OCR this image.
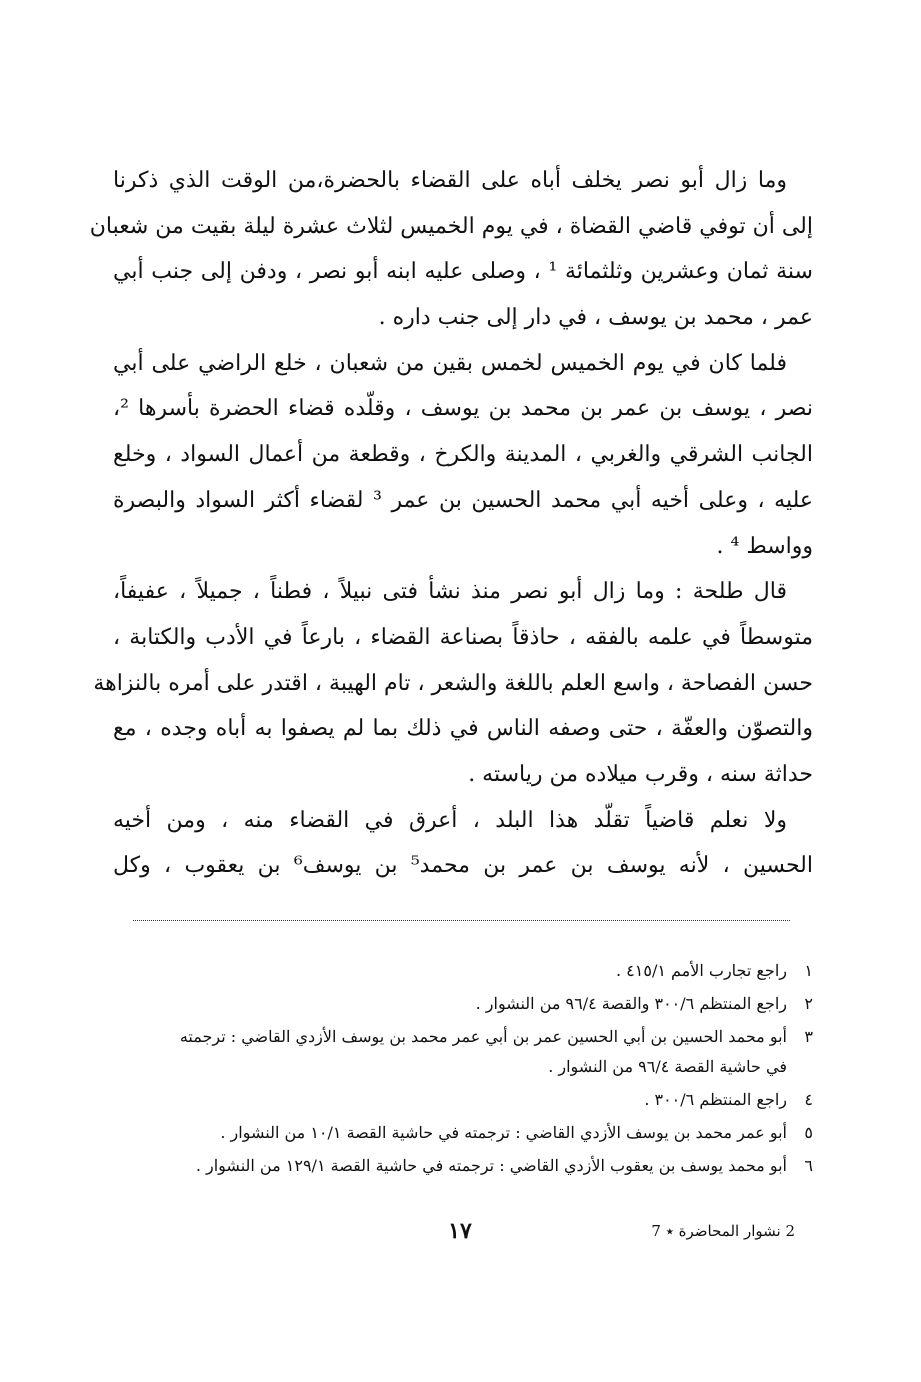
وما زال أبو نصر يخلف أباه على القضاء بالحضرة،من الوقت الذي ذكرنا
إلى أن توفي قاضي القضاة ، في يوم الخميس لثلاث عشرة ليلة بقيت من شعبان
سنة ثمان وعشرين وثلثمائة ¹ ، وصلى عليه ابنه أبو نصر ، ودفن إلى جنب أبي
عمر ، محمد بن يوسف ، في دار إلى جنب داره .
فلما كان في يوم الخميس لخمس بقين من شعبان ، خلع الراضي على أبي
نصر ، يوسف بن عمر بن محمد بن يوسف ، وقلّده قضاء الحضرة بأسرها ²،
الجانب الشرقي والغربي ، المدينة والكرخ ، وقطعة من أعمال السواد ، وخلع
عليه ، وعلى أخيه أبي محمد الحسين بن عمر ³ لقضاء أكثر السواد والبصرة
وواسط ⁴ .
قال طلحة : وما زال أبو نصر منذ نشأ فتى نبيلاً ، فطناً ، جميلاً ، عفيفاً،
متوسطاً في علمه بالفقه ، حاذقاً بصناعة القضاء ، بارعاً في الأدب والكتابة ،
حسن الفصاحة ، واسع العلم باللغة والشعر ، تام الهيبة ، اقتدر على أمره بالنزاهة
والتصوّن والعفّة ، حتى وصفه الناس في ذلك بما لم يصفوا به أباه وجده ، مع
حداثة سنه ، وقرب ميلاده من رياسته .
ولا نعلم قاضياً تقلّد هذا البلد ، أعرق في القضاء منه ، ومن أخيه
الحسين ، لأنه يوسف بن عمر بن محمد⁵ بن يوسف⁶ بن يعقوب ، وكل
١
راجع تجارب الأمم ٤١٥/١ .
٢
راجع المنتظم ٣٠٠/٦ والقصة ٩٦/٤ من النشوار .
٣
أبو محمد الحسين بن أبي الحسين عمر بن أبي عمر محمد بن يوسف الأزدي القاضي : ترجمته
في حاشية القصة ٩٦/٤ من النشوار .
٤
راجع المنتظم ٣٠٠/٦ .
٥
أبو عمر محمد بن يوسف الأزدي القاضي : ترجمته في حاشية القصة ١٠/١ من النشوار .
٦
أبو محمد يوسف بن يعقوب الأزدي القاضي : ترجمته في حاشية القصة ١٢٩/١ من النشوار .
١٧	2 نشوار المحاضرة ٭ 7
